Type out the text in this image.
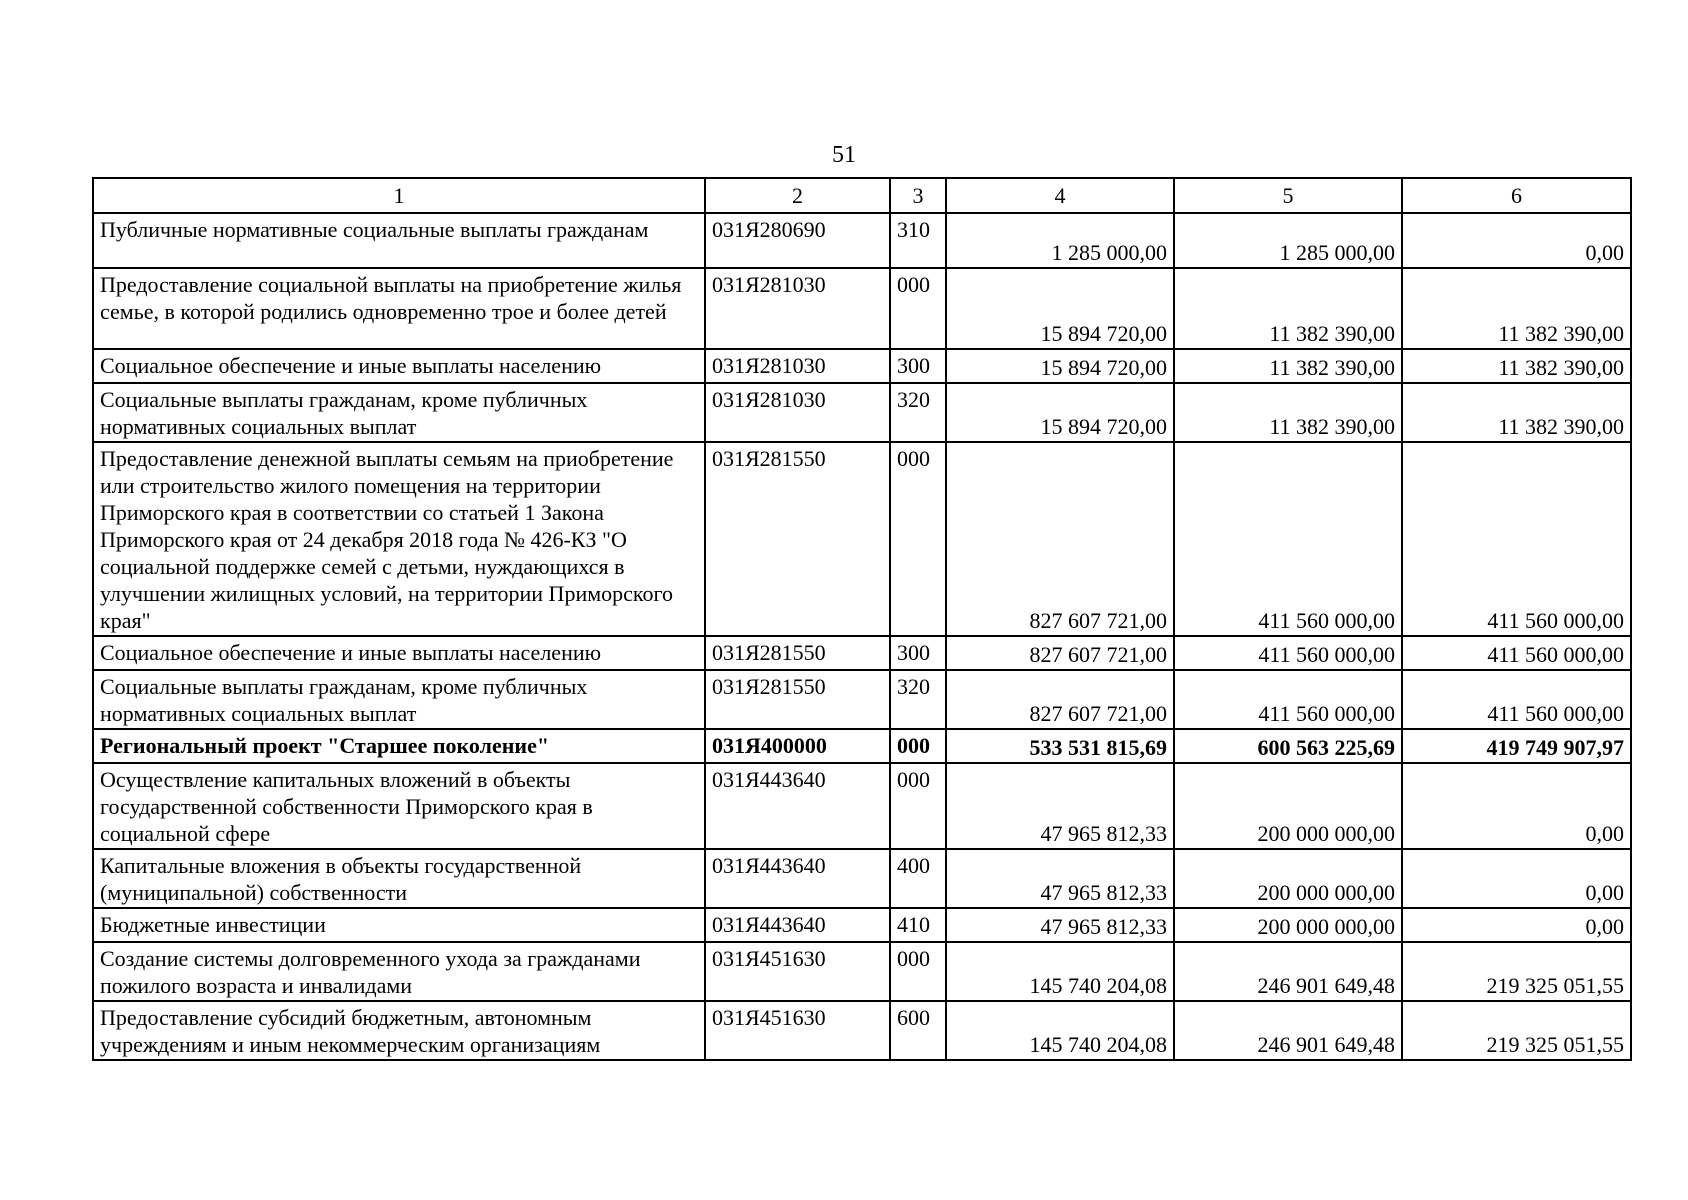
51
1	2	3	4	5	6
Публичные нормативные социальные выплаты гражданам	031Я280690	310	1 285 000,00	1 285 000,00	0,00
Предоставление социальной выплаты на приобретение жилья семье, в которой родились одновременно трое и более детей	031Я281030	000	15 894 720,00	11 382 390,00	11 382 390,00
Социальное обеспечение и иные выплаты населению	031Я281030	300	15 894 720,00	11 382 390,00	11 382 390,00
Социальные выплаты гражданам, кроме публичных нормативных социальных выплат	031Я281030	320	15 894 720,00	11 382 390,00	11 382 390,00
Предоставление денежной выплаты семьям на приобретение или строительство жилого помещения на территории Приморского края в соответствии со статьей 1 Закона Приморского края от 24 декабря 2018 года № 426-КЗ "О социальной поддержке семей с детьми, нуждающихся в улучшении жилищных условий, на территории Приморского края"	031Я281550	000	827 607 721,00	411 560 000,00	411 560 000,00
Социальное обеспечение и иные выплаты населению	031Я281550	300	827 607 721,00	411 560 000,00	411 560 000,00
Социальные выплаты гражданам, кроме публичных нормативных социальных выплат	031Я281550	320	827 607 721,00	411 560 000,00	411 560 000,00
Региональный проект "Старшее поколение"	031Я400000	000	533 531 815,69	600 563 225,69	419 749 907,97
Осуществление капитальных вложений в объекты государственной собственности Приморского края в социальной сфере	031Я443640	000	47 965 812,33	200 000 000,00	0,00
Капитальные вложения в объекты государственной (муниципальной) собственности	031Я443640	400	47 965 812,33	200 000 000,00	0,00
Бюджетные инвестиции	031Я443640	410	47 965 812,33	200 000 000,00	0,00
Создание системы долговременного ухода за гражданами пожилого возраста и инвалидами	031Я451630	000	145 740 204,08	246 901 649,48	219 325 051,55
Предоставление субсидий бюджетным, автономным учреждениям и иным некоммерческим организациям	031Я451630	600	145 740 204,08	246 901 649,48	219 325 051,55
